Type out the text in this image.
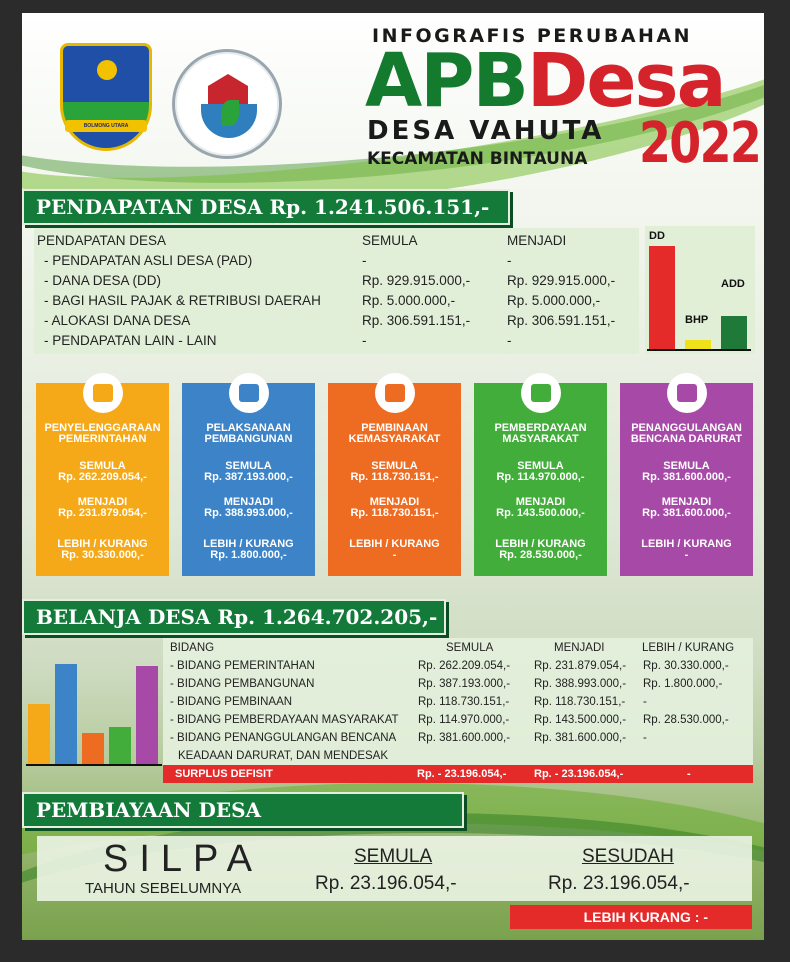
BOLMONG UTARA
INFOGRAFIS PERUBAHAN
APBDesa
DESA VAHUTA
KECAMATAN BINTAUNA 2022
PENDAPATAN DESA Rp. 1.241.506.151,-
PENDAPATAN DESA	SEMULA	MENJADI
- PENDAPATAN ASLI DESA (PAD)	-	-
- DANA DESA (DD)	Rp. 929.915.000,-	Rp. 929.915.000,-
- BAGI HASIL PAJAK & RETRIBUSI DAERAH	Rp. 5.000.000,-	Rp. 5.000.000,-
- ALOKASI DANA DESA	Rp. 306.591.151,-	Rp. 306.591.151,-
- PENDAPATAN LAIN - LAIN	-	-
DD
BHP
ADD
PENYELENGGARAAN PEMERINTAHAN
SEMULA
Rp. 262.209.054,-
MENJADI
Rp. 231.879.054,-
LEBIH / KURANG
Rp. 30.330.000,-
PELAKSANAAN PEMBANGUNAN
SEMULA
Rp. 387.193.000,-
MENJADI
Rp. 388.993.000,-
LEBIH / KURANG
Rp. 1.800.000,-
PEMBINAAN KEMASYARAKAT
SEMULA
Rp. 118.730.151,-
MENJADI
Rp. 118.730.151,-
LEBIH / KURANG
-
PEMBERDAYAAN MASYARAKAT
SEMULA
Rp. 114.970.000,-
MENJADI
Rp. 143.500.000,-
LEBIH / KURANG
Rp. 28.530.000,-
PENANGGULANGAN BENCANA DARURAT
SEMULA
Rp. 381.600.000,-
MENJADI
Rp. 381.600.000,-
LEBIH / KURANG
-
BELANJA DESA Rp. 1.264.702.205,-
BIDANG	SEMULA	MENJADI	LEBIH / KURANG
- BIDANG PEMERINTAHAN	Rp. 262.209.054,- Rp. 231.879.054,- Rp. 30.330.000,-
- BIDANG PEMBANGUNAN	Rp. 387.193.000,- Rp. 388.993.000,- Rp. 1.800.000,-
- BIDANG PEMBINAAN	Rp. 118.730.151,- Rp. 118.730.151,- -
- BIDANG PEMBERDAYAAN MASYARAKAT Rp. 114.970.000,- Rp. 143.500.000,- Rp. 28.530.000,-
- BIDANG PENANGGULANGAN BENCANA Rp. 381.600.000,- Rp. 381.600.000,- -
KEADAAN DARURAT, DAN MENDESAK
SURPLUS DEFISIT	Rp. - 23.196.054,-	Rp. - 23.196.054,-	-
PEMBIAYAAN DESA
SILPA
TAHUN SEBELUMNYA
SEMULA
Rp. 23.196.054,-
SESUDAH
Rp. 23.196.054,-
LEBIH KURANG : -
